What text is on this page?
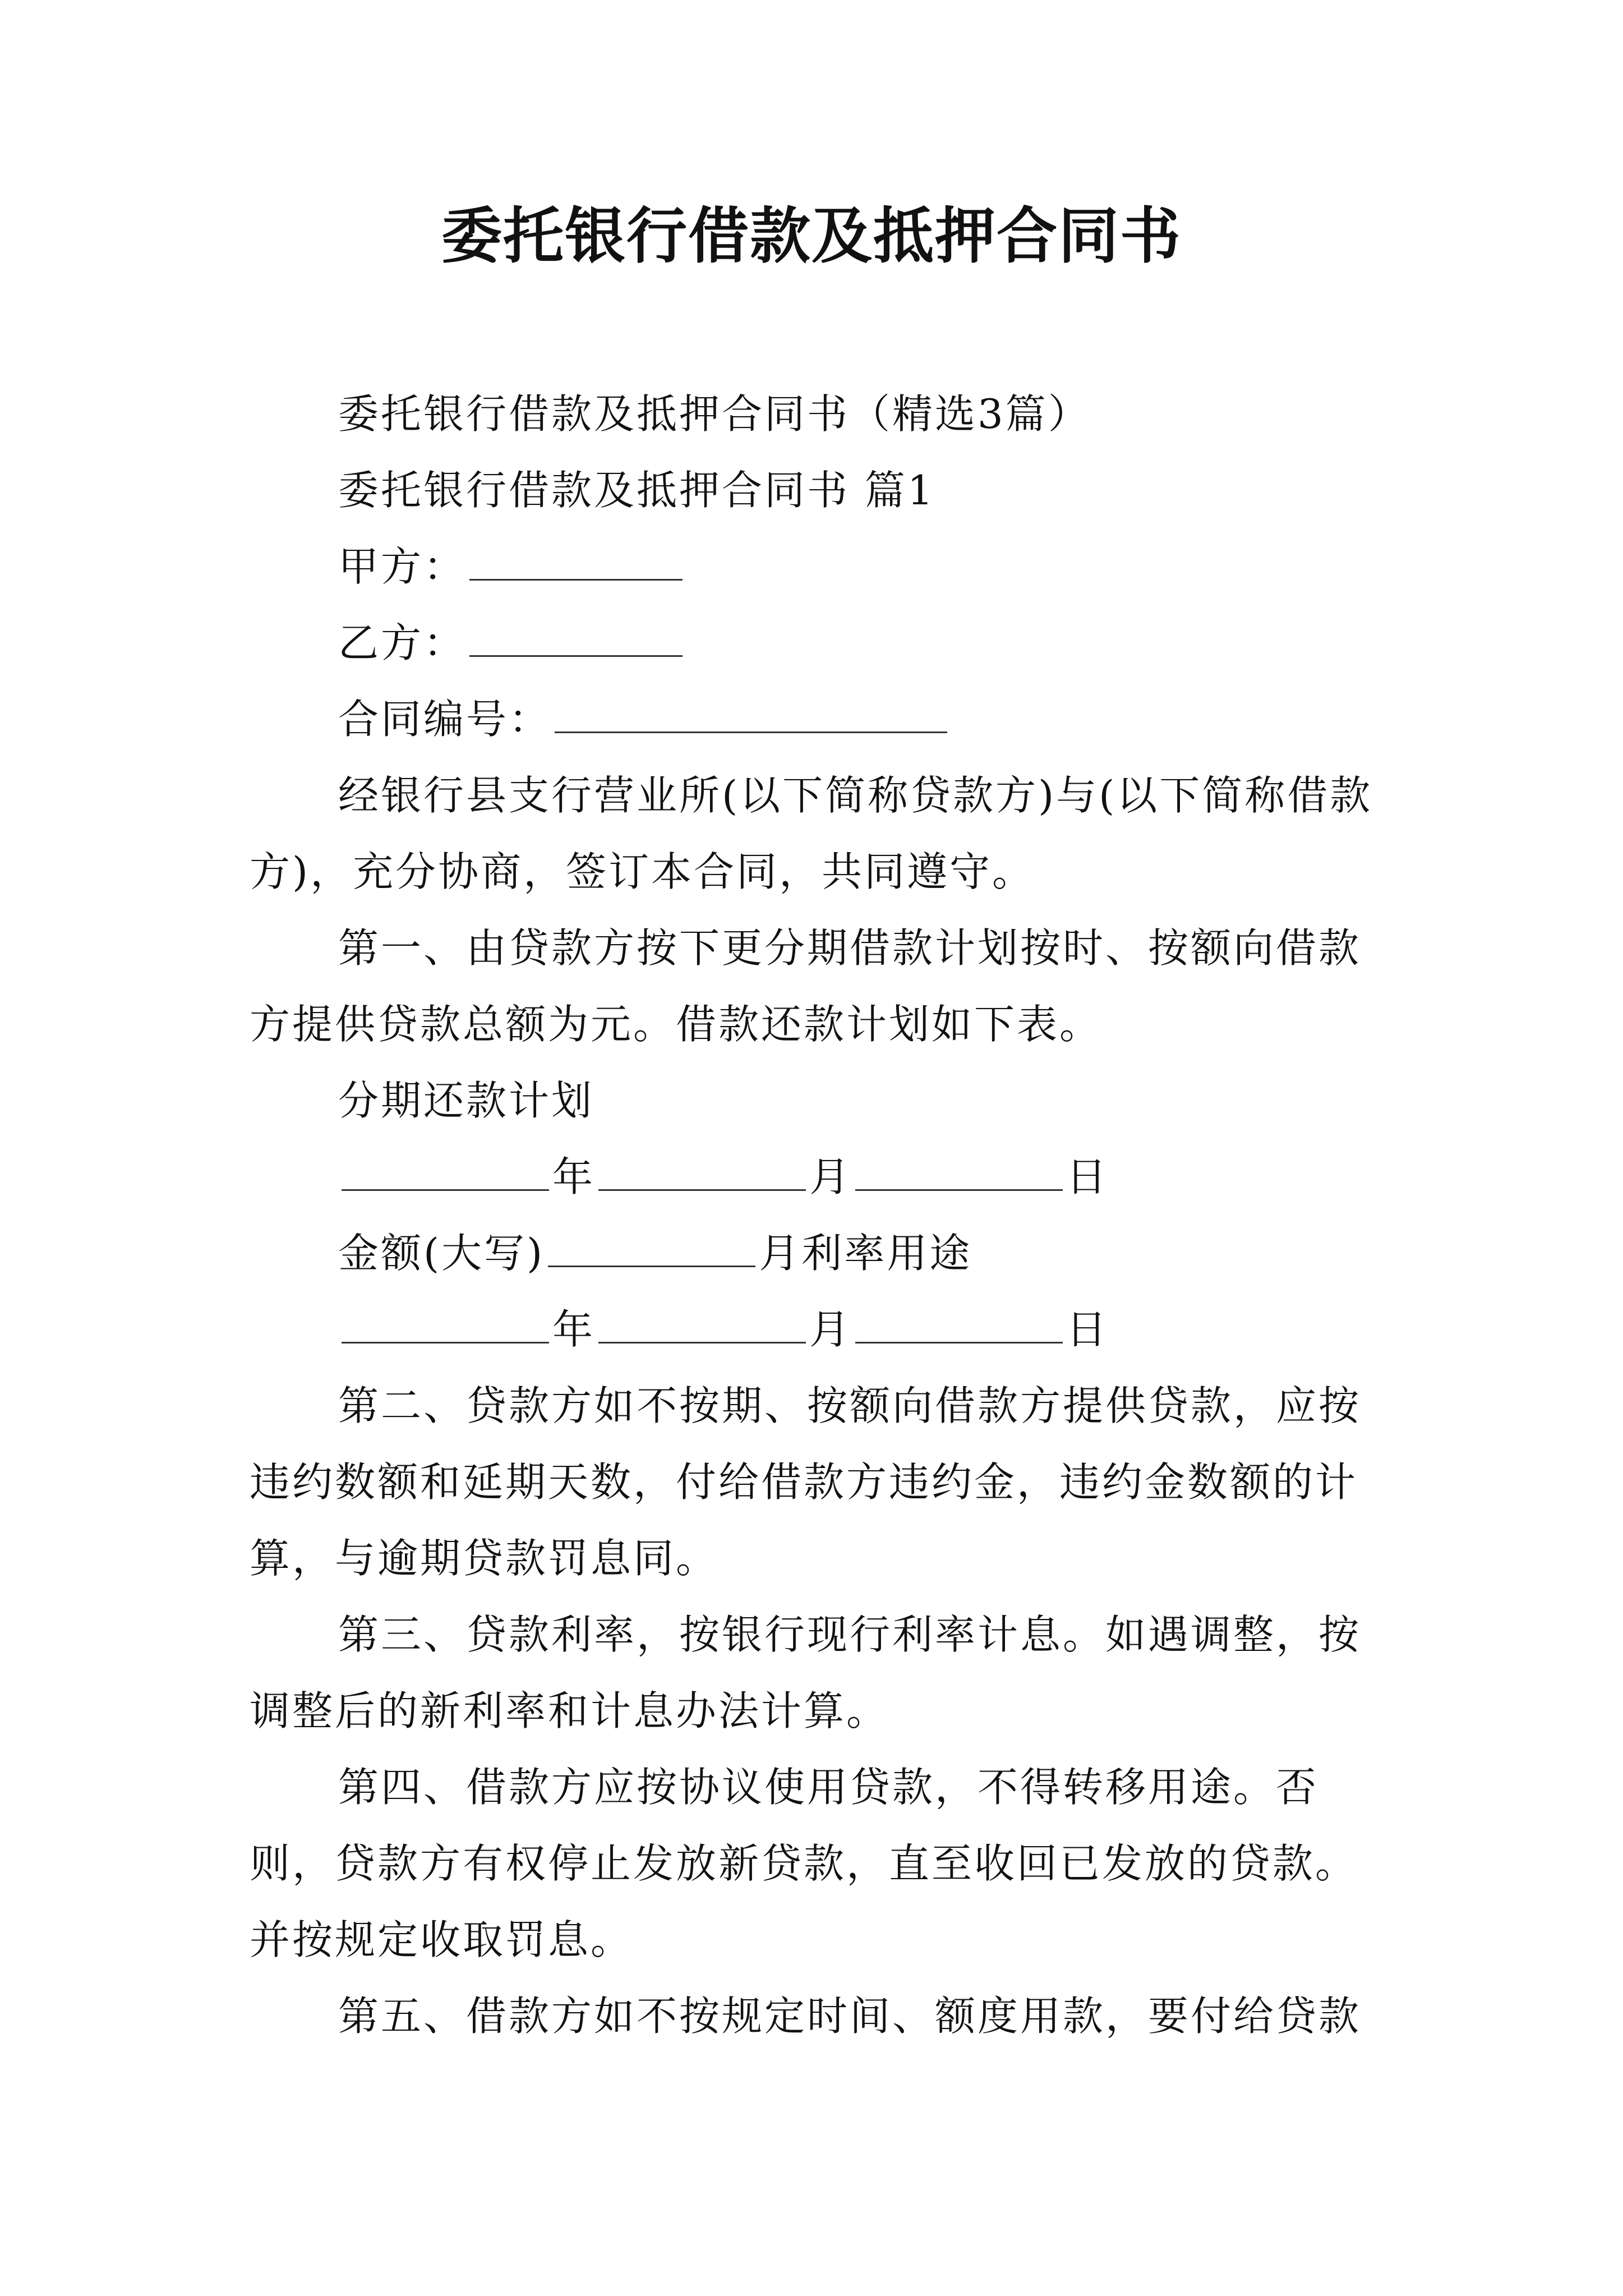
委托银行借款及抵押合同书

委托银行借款及抵押合同书（精选3篇）

委托银行借款及抵押合同书 篇1

甲方：

乙方：

合同编号：

经银行县支行营业所(以下简称贷款方)与(以下简称借款方)，充分协商，签订本合同，共同遵守。

第一、由贷款方按下更分期借款计划按时、按额向借款方提供贷款总额为元。借款还款计划如下表。

分期还款计划

年	月	日

金额(大写)	月利率用途

年	月	日

第二、贷款方如不按期、按额向借款方提供贷款，应按违约数额和延期天数，付给借款方违约金，违约金数额的计算，与逾期贷款罚息同。

第三、贷款利率，按银行现行利率计息。如遇调整，按调整后的新利率和计息办法计算。

第四、借款方应按协议使用贷款，不得转移用途。否则，贷款方有权停止发放新贷款，直至收回已发放的贷款。并按规定收取罚息。

第五、借款方如不按规定时间、额度用款，要付给贷款
